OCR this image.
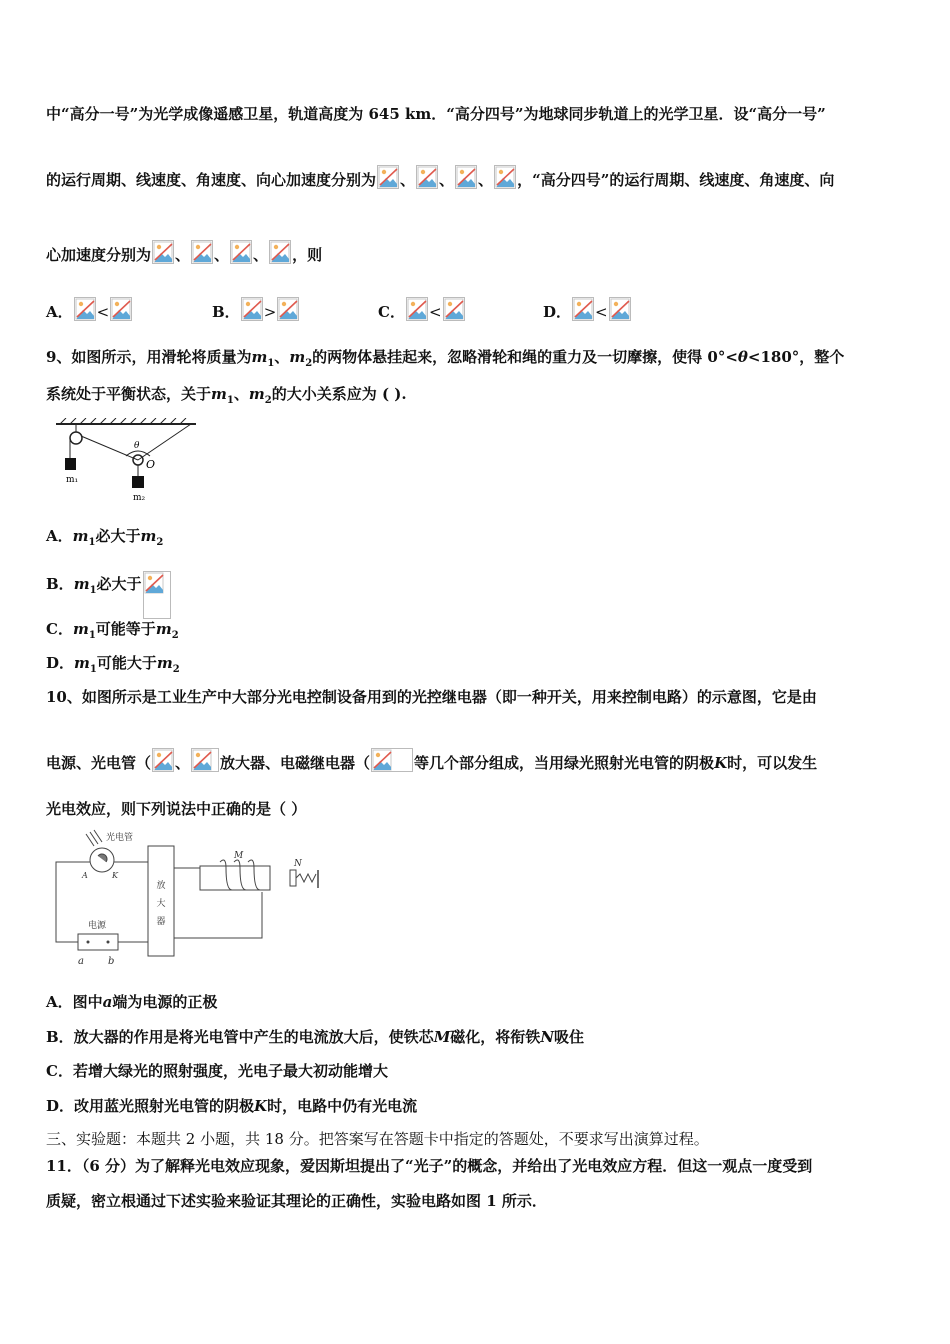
中“高分一号”为光学成像遥感卫星，轨道高度为 645 km．“高分四号”为地球同步轨道上的光学卫星．设“高分一号”
的运行周期、线速度、角速度、向心加速度分别为 、 、 、 ，“高分四号”的运行周期、线速度、角速度、向
心加速度分别为 、 、 、 ，则
A． <	B． >	C． <	D． <
9、如图所示，用滑轮将质量为$m_1$、$m_2$的两物体悬挂起来，忽略滑轮和绳的重力及一切摩擦，使得 0°<θ<180°，整个
系统处于平衡状态，关于$m_1$、$m_2$的大小关系应为 ( ).
θ
O
m₁
m₂
A．$m_1$必大于$m_2$
B．$m_1$必大于
C．$m_1$可能等于$m_2$
D．$m_1$可能大于$m_2$
10、如图所示是工业生产中大部分光电控制设备用到的光控继电器（即一种开关，用来控制电路）的示意图，它是由
电源、光电管（ 、 放大器、电磁继电器（	等几个部分组成，当用绿光照射光电管的阴极K时，可以发生
光电效应，则下列说法中正确的是（ ）
光电管
A	K
M
N
电源
a b
放大器
A．图中a端为电源的正极
B．放大器的作用是将光电管中产生的电流放大后，使铁芯M磁化，将衔铁N吸住
C．若增大绿光的照射强度，光电子最大初动能增大
D．改用蓝光照射光电管的阴极K时，电路中仍有光电流
三、实验题：本题共 2 小题，共 18 分。把答案写在答题卡中指定的答题处，不要求写出演算过程。
11．（6 分）为了解释光电效应现象，爱因斯坦提出了“光子”的概念，并给出了光电效应方程．但这一观点一度受到
质疑，密立根通过下述实验来验证其理论的正确性，实验电路如图 1 所示．
